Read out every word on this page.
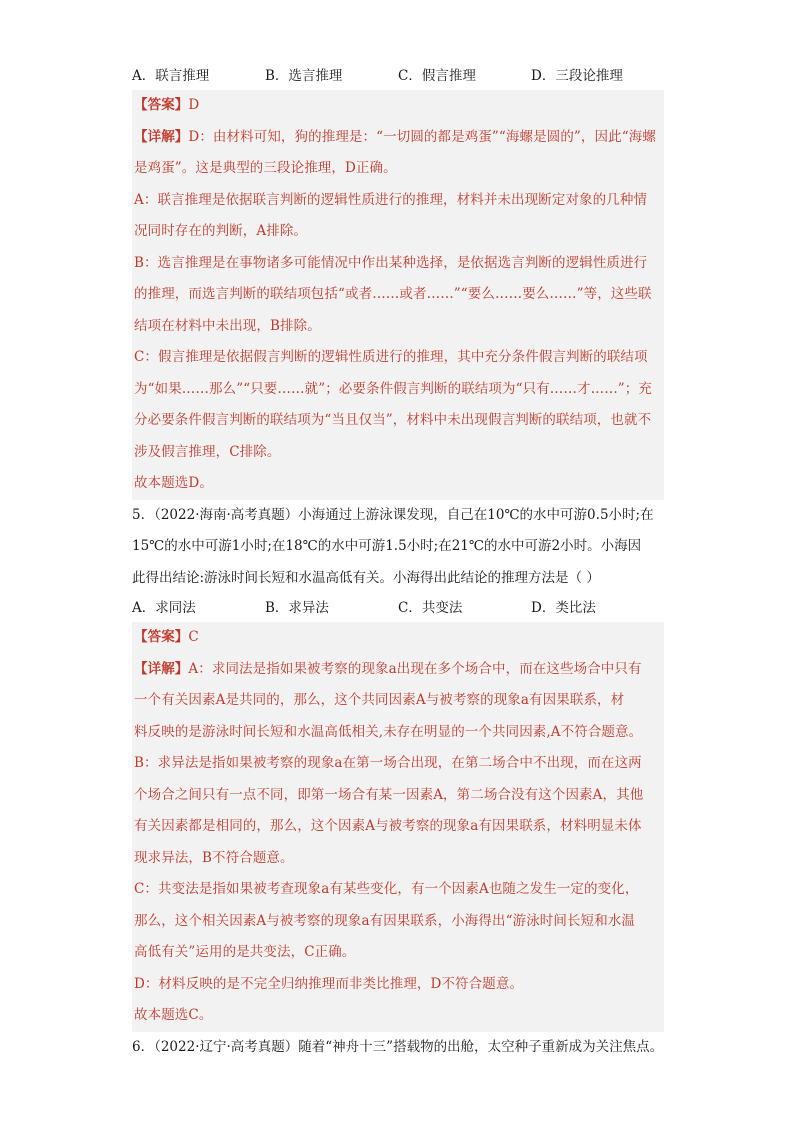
A．联言推理	B．选言推理	C．假言推理	D．三段论推理
【答案】D
【详解】D：由材料可知，狗的推理是：“一切圆的都是鸡蛋”“海螺是圆的”，因此“海螺
是鸡蛋”。这是典型的三段论推理，D正确。
A：联言推理是依据联言判断的逻辑性质进行的推理，材料并未出现断定对象的几种情
况同时存在的判断，A排除。
B：选言推理是在事物诸多可能情况中作出某种选择，是依据选言判断的逻辑性质进行
的推理，而选言判断的联结项包括“或者……或者……”“要么……要么……”等，这些联
结项在材料中未出现，B排除。
C：假言推理是依据假言判断的逻辑性质进行的推理，其中充分条件假言判断的联结项
为“如果……那么”“只要……就”；必要条件假言判断的联结项为“只有……才……”；充
分必要条件假言判断的联结项为“当且仅当”，材料中未出现假言判断的联结项，也就不
涉及假言推理，C排除。
故本题选D。
5．（2022·海南·高考真题）小海通过上游泳课发现，自己在10℃的水中可游0.5小时;在
15℃的水中可游1小时;在18℃的水中可游1.5小时;在21℃的水中可游2小时。小海因
此得出结论:游泳时间长短和水温高低有关。小海得出此结论的推理方法是（ ）
A．求同法	B．求异法	C．共变法	D．类比法
【答案】C
【详解】A：求同法是指如果被考察的现象a出现在多个场合中，而在这些场合中只有
一个有关因素A是共同的，那么，这个共同因素A与被考察的现象a有因果联系，材
料反映的是游泳时间长短和水温高低相关,未存在明显的一个共同因素,A不符合题意。
B：求异法是指如果被考察的现象a在第一场合出现，在第二场合中不出现，而在这两
个场合之间只有一点不同，即第一场合有某一因素A，第二场合没有这个因素A，其他
有关因素都是相同的，那么，这个因素A与被考察的现象a有因果联系，材料明显未体
现求异法，B不符合题意。
C：共变法是指如果被考查现象a有某些变化，有一个因素A也随之发生一定的变化，
那么，这个相关因素A与被考察的现象a有因果联系，小海得出“游泳时间长短和水温
高低有关”运用的是共变法，C正确。
D：材料反映的是不完全归纳推理而非类比推理，D不符合题意。
故本题选C。
6．（2022·辽宁·高考真题）随着“神舟十三”搭载物的出舱，太空种子重新成为关注焦点。
